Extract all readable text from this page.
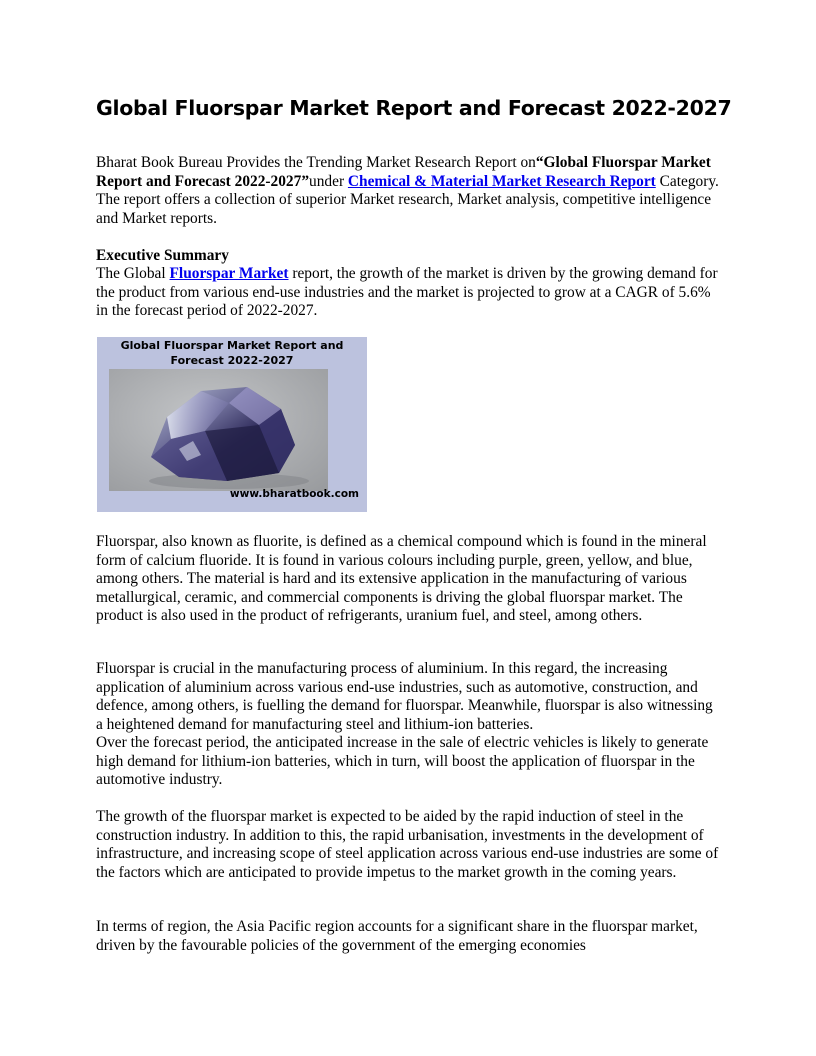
Global Fluorspar Market Report and Forecast 2022-2027

Bharat Book Bureau Provides the Trending Market Research Report on“Global Fluorspar Market Report and Forecast 2022-2027”under Chemical & Material Market Research Report Category. The report offers a collection of superior Market research, Market analysis, competitive intelligence and Market reports.

Executive Summary

The Global Fluorspar Market report, the growth of the market is driven by the growing demand for the product from various end-use industries and the market is projected to grow at a CAGR of 5.6% in the forecast period of 2022-2027.

Global Fluorspar Market Report and
Forecast 2022-2027
www.bharatbook.com

Fluorspar, also known as fluorite, is defined as a chemical compound which is found in the mineral form of calcium fluoride. It is found in various colours including purple, green, yellow, and blue, among others. The material is hard and its extensive application in the manufacturing of various metallurgical, ceramic, and commercial components is driving the global fluorspar market. The product is also used in the product of refrigerants, uranium fuel, and steel, among others.

Fluorspar is crucial in the manufacturing process of aluminium. In this regard, the increasing application of aluminium across various end-use industries, such as automotive, construction, and defence, among others, is fuelling the demand for fluorspar. Meanwhile, fluorspar is also witnessing a heightened demand for manufacturing steel and lithium-ion batteries.

Over the forecast period, the anticipated increase in the sale of electric vehicles is likely to generate high demand for lithium-ion batteries, which in turn, will boost the application of fluorspar in the automotive industry.

The growth of the fluorspar market is expected to be aided by the rapid induction of steel in the construction industry. In addition to this, the rapid urbanisation, investments in the development of infrastructure, and increasing scope of steel application across various end-use industries are some of the factors which are anticipated to provide impetus to the market growth in the coming years.

In terms of region, the Asia Pacific region accounts for a significant share in the fluorspar market, driven by the favourable policies of the government of the emerging economies
